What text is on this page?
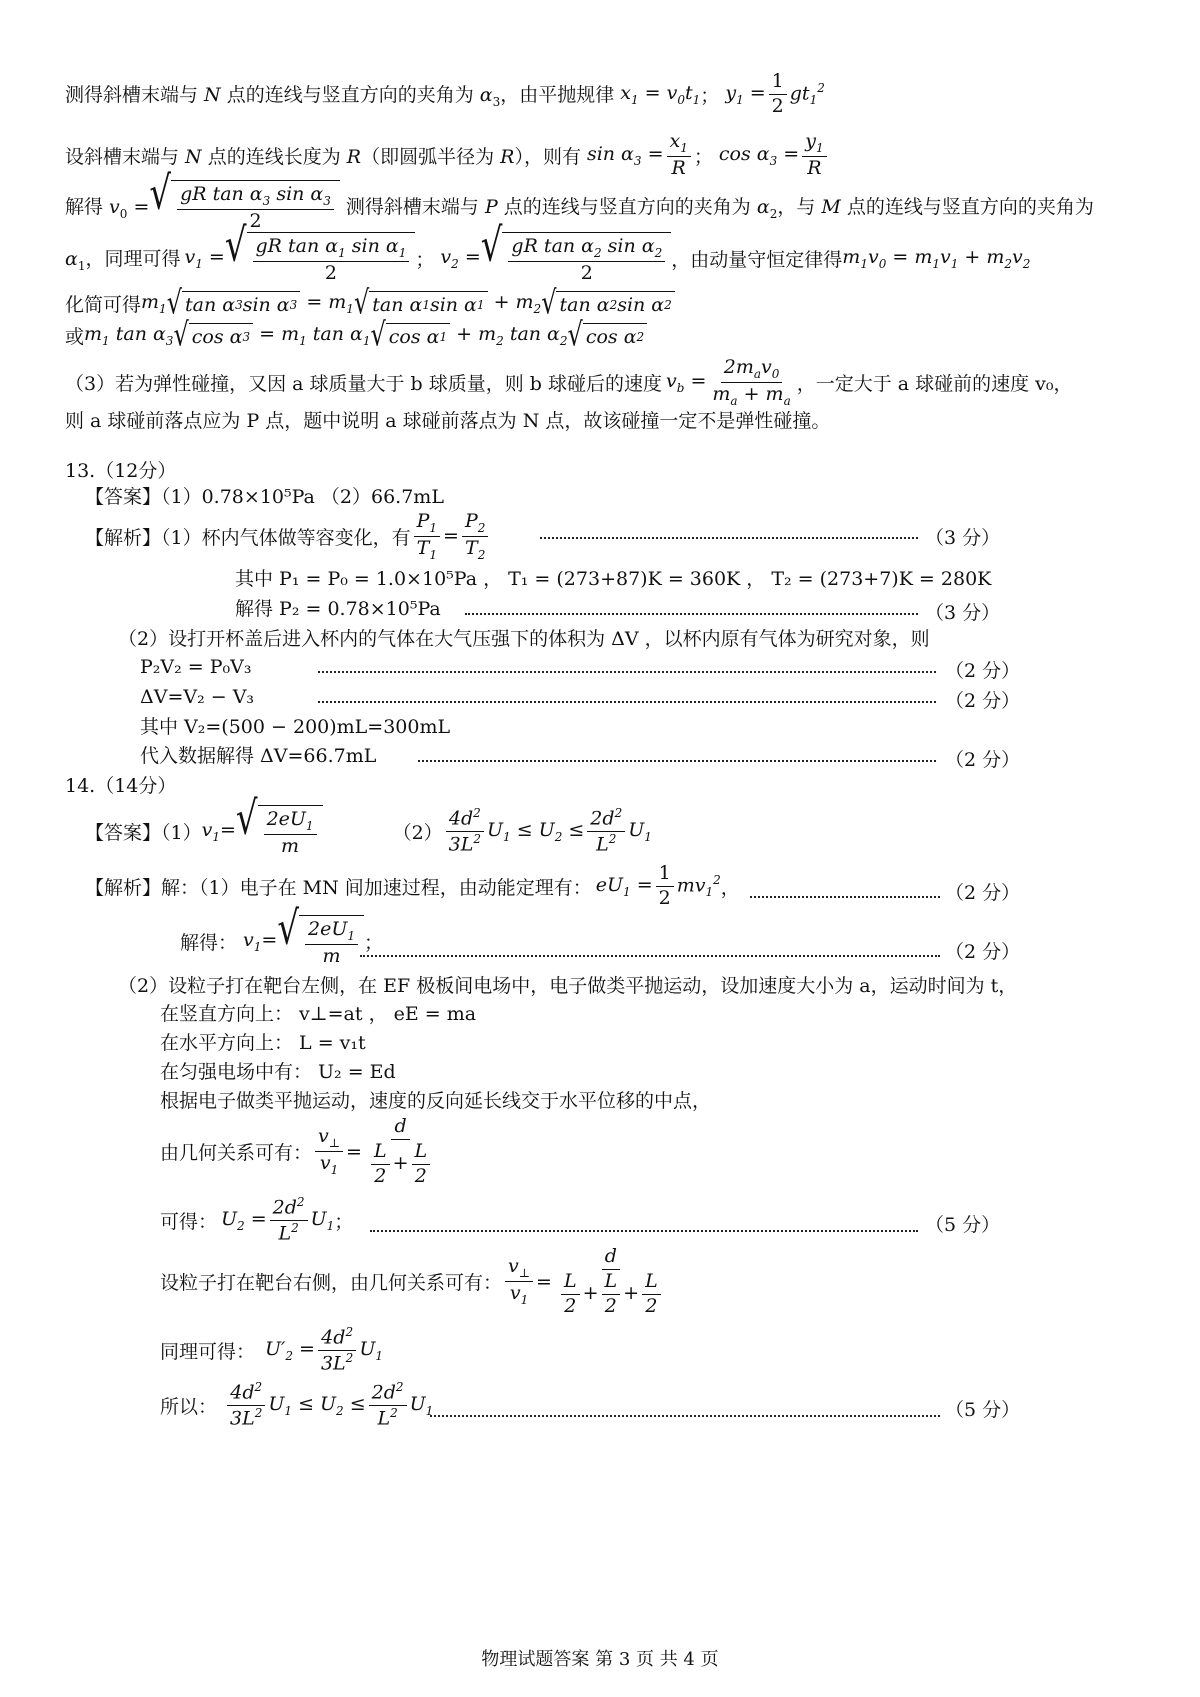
测得斜槽末端与 N 点的连线与竖直方向的夹角为 $\alpha_3$，由平抛规律 $x_1 = v_0t_1$ ； $y_1 = \frac{1}{2} gt_1^2$
设斜槽末端与 N 点的连线长度为 R（即圆弧半径为 R），则有 $\sin \alpha_3 = \frac{x_1}{R}$ ； $\cos \alpha_3 = \frac{y_1}{R}$
解得 $v_0$ = √ $\frac{gR \tan \alpha_3 \sin \alpha_3}{2}$ 测得斜槽末端与 P 点的连线与竖直方向的夹角为 $\alpha_2$，与 M 点的连线与竖直方向的夹角为
$\alpha_1$，同理可得 $v_1$ = √ $\frac{gR \tan \alpha_1 \sin \alpha_1}{2}$ ； $v_2$ = √ $\frac{gR \tan \alpha_2 \sin \alpha_2}{2}$ ，由动量守恒定律得 $m_1v_0 = m_1v_1 + m_2v_2$
化简可得 $m_1$ √ tan α 3 sin α $3 = m_1$ √ tan α 1 sin α $1 + m_2$ √ tan α 2 sin α 2
或 $m_1$ $\tan \alpha_3$ √ cos α $3 = m_1$ $\tan \alpha_1$ √ cos α $1 + m_2$ $\tan \alpha_2$ √ cos α 2
（3）若为弹性碰撞，又因 a 球质量大于 b 球质量，则 b 球碰后的速度 $v_b = \frac{2m_av_0}{m_a + m_a}$ ，一定大于 a 球碰前的速度 v₀，
则 a 球碰前落点应为 P 点，题中说明 a 球碰前落点为 N 点，故该碰撞一定不是弹性碰撞。
13.（12分）
【答案】（1）0.78×10⁵Pa （2）66.7mL
【解析】（1）杯内气体做等容变化，有 $\frac{P_1}{T_1} = \frac{P_2}{T_2}$	（3 分）
其中 P₁ = P₀ = 1.0×10⁵Pa ， T₁ = (273+87)K = 360K ， T₂ = (273+7)K = 280K
解得 P₂ = 0.78×10⁵Pa	（3 分）
（2）设打开杯盖后进入杯内的气体在大气压强下的体积为 ΔV ，以杯内原有气体为研究对象，则
P₂V₂ = P₀V₃	（2 分）
ΔV=V₂ − V₃	（2 分）
其中 V₂=(500 − 200)mL=300mL
代入数据解得 ΔV=66.7mL	（2 分）
14.（14分）
【答案】（1） $v_1=$ √ $\frac{2eU_1}{m}$	$(2) \frac{4d^2}{3L^2} U_1 \le U_2 \le \frac{2d^2}{L^2} U_1$
【解析】解：（1）电子在 MN 间加速过程，由动能定理有： $eU_1 = \frac{1}{2} mv_1^2$ ，	（2 分）
解得： $v_1=$ √ $\frac{2eU_1}{m}$ ；	（2 分）
（2）设粒子打在靶台左侧，在 EF 极板间电场中，电子做类平抛运动，设加速度大小为 a，运动时间为 t，
在竖直方向上： v⊥=at ， eE = ma
在水平方向上： L = v₁t
在匀强电场中有： U₂ = Ed
根据电子做类平抛运动，速度的反向延长线交于水平位移的中点，
由几何关系可有： $\frac{v_\perp}{v_1} = \frac{d}{\frac{L}{2} + \frac{L}{2}}$
可得： $U_2 = \frac{2d^2}{L^2} U_1$ ；	（5 分）
设粒子打在靶台右侧，由几何关系可有： $\frac{v_\perp}{v_1} = \frac{d}{\frac{L}{2} + \frac{L}{2} + \frac{L}{2}}$
同理可得： $U'_2 = \frac{4d^2}{3L^2} U_1$
所以： $\frac{4d^2}{3L^2} U_1 \le U_2 \le \frac{2d^2}{L^2} U_1$	（5 分）
物理试题答案 第 3 页 共 4 页
